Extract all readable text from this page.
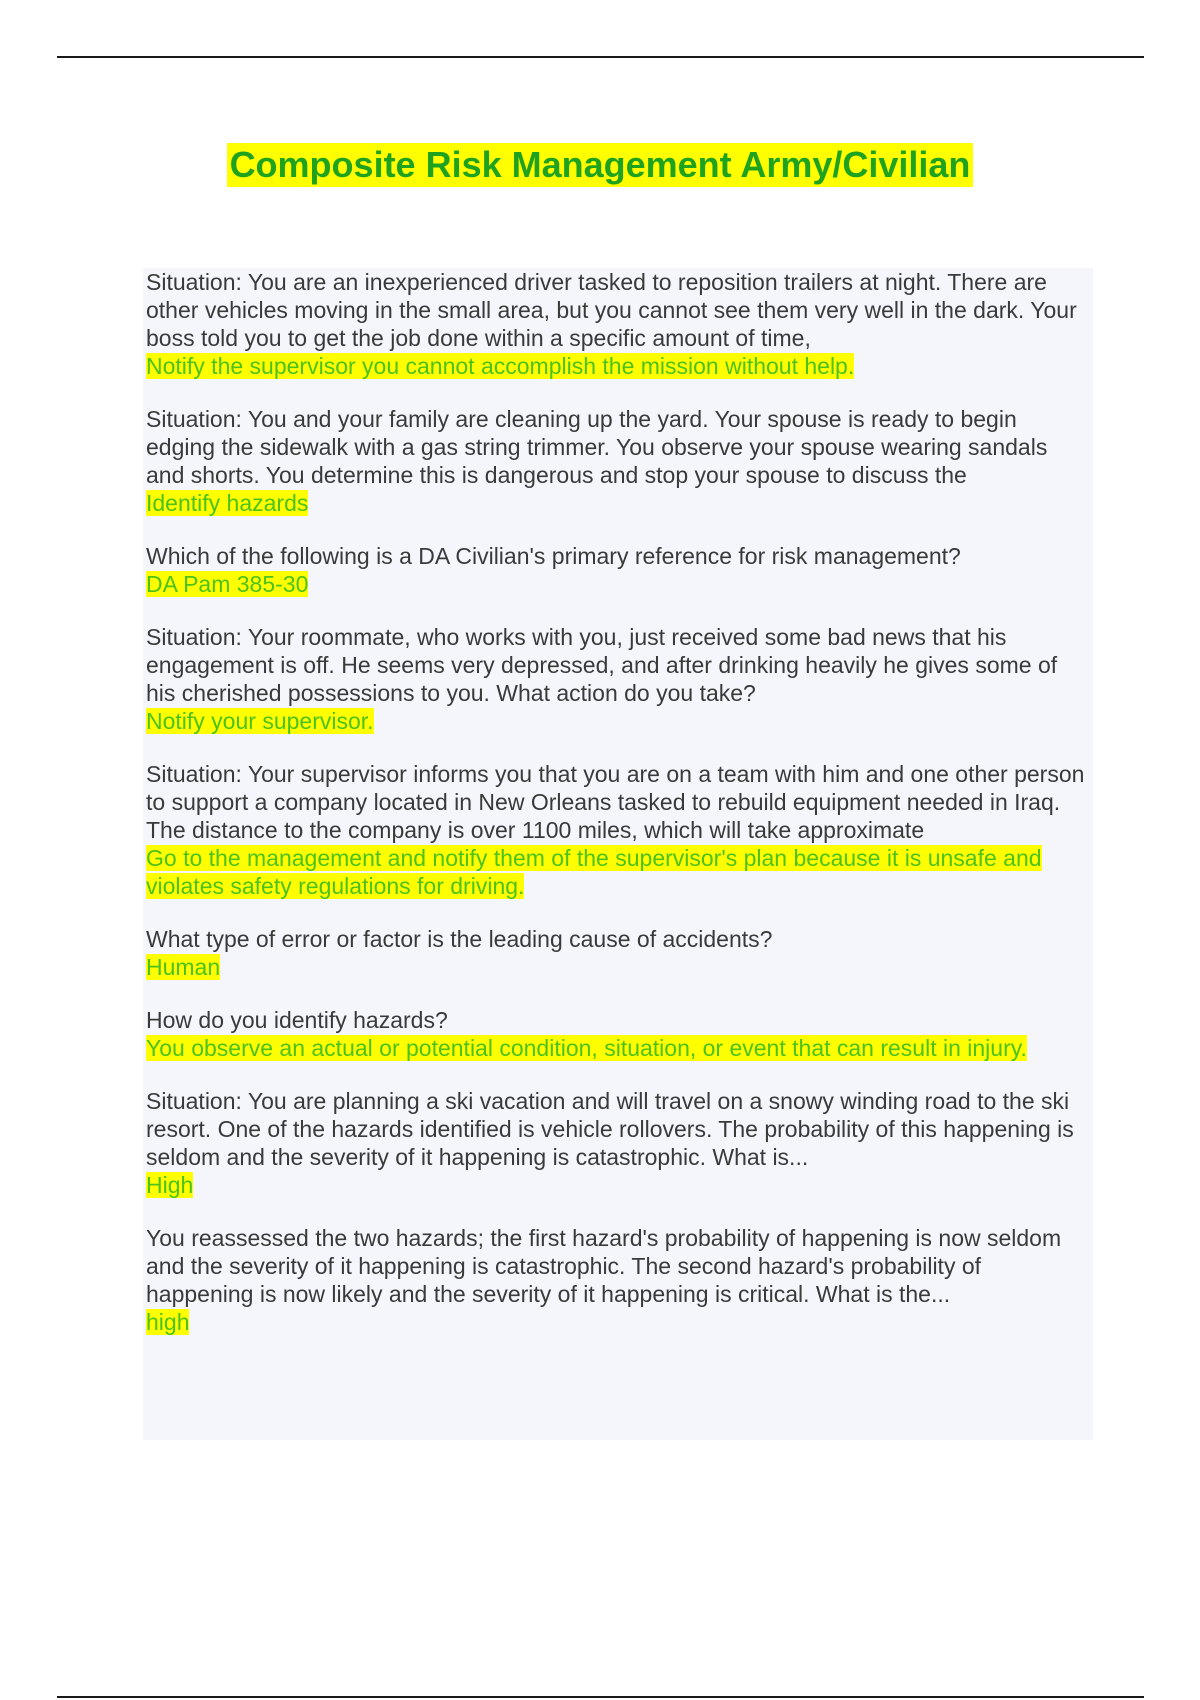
Composite Risk Management Army/Civilian

Situation: You are an inexperienced driver tasked to reposition trailers at night. There are other vehicles moving in the small area, but you cannot see them very well in the dark. Your boss told you to get the job done within a specific amount of time,

Notify the supervisor you cannot accomplish the mission without help.

Situation: You and your family are cleaning up the yard. Your spouse is ready to begin edging the sidewalk with a gas string trimmer. You observe your spouse wearing sandals and shorts. You determine this is dangerous and stop your spouse to discuss the

Identify hazards

Which of the following is a DA Civilian's primary reference for risk management?

DA Pam 385-30

Situation: Your roommate, who works with you, just received some bad news that his engagement is off. He seems very depressed, and after drinking heavily he gives some of his cherished possessions to you. What action do you take?

Notify your supervisor.

Situation: Your supervisor informs you that you are on a team with him and one other person to support a company located in New Orleans tasked to rebuild equipment needed in Iraq. The distance to the company is over 1100 miles, which will take approximate

Go to the management and notify them of the supervisor's plan because it is unsafe and violates safety regulations for driving.

What type of error or factor is the leading cause of accidents?

Human

How do you identify hazards?

You observe an actual or potential condition, situation, or event that can result in injury.

Situation: You are planning a ski vacation and will travel on a snowy winding road to the ski resort. One of the hazards identified is vehicle rollovers. The probability of this happening is seldom and the severity of it happening is catastrophic. What is...

High

You reassessed the two hazards; the first hazard's probability of happening is now seldom and the severity of it happening is catastrophic. The second hazard's probability of happening is now likely and the severity of it happening is critical. What is the...

high
